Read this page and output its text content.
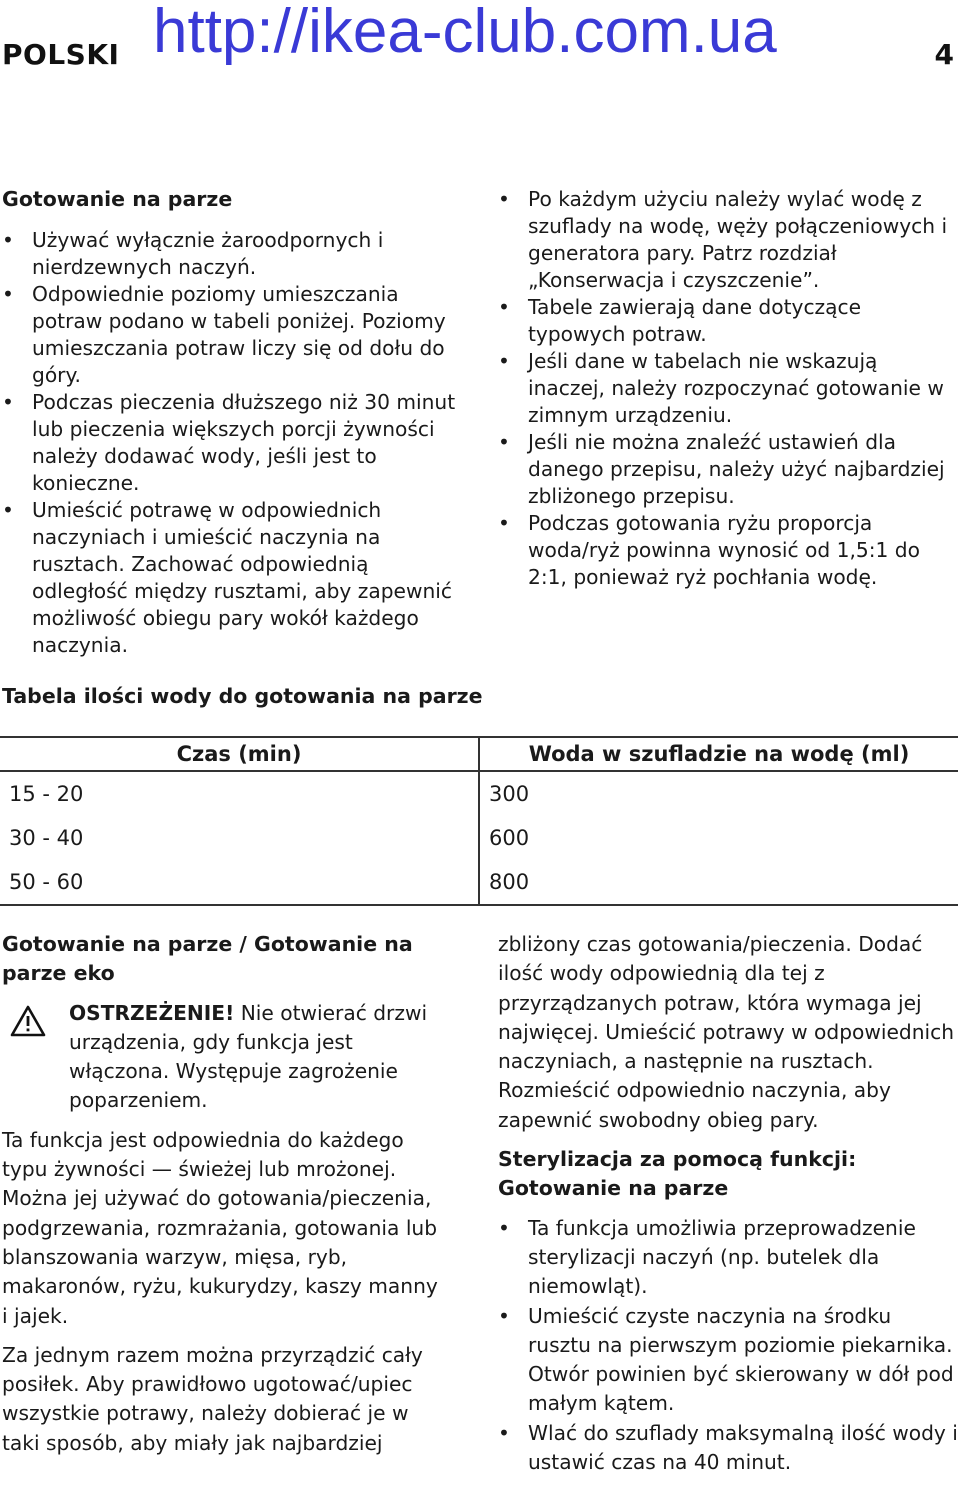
POLSKI http://ikea-club.com.ua	4
Gotowanie na parze
• Używać wyłącznie żaroodpornych i nierdzewnych naczyń.
• Odpowiednie poziomy umieszczania potraw podano w tabeli poniżej. Poziomy umieszczania potraw liczy się od dołu do góry.
• Podczas pieczenia dłuższego niż 30 minut lub pieczenia większych porcji żywności należy dodawać wody, jeśli jest to konieczne.
• Umieścić potrawę w odpowiednich naczyniach i umieścić naczynia na rusztach. Zachować odpowiednią odległość między rusztami, aby zapewnić możliwość obiegu pary wokół każdego naczynia.
• Po każdym użyciu należy wylać wodę z szuflady na wodę, węży połączeniowych i generatora pary. Patrz rozdział „Konserwacja i czyszczenie”.
• Tabele zawierają dane dotyczące typowych potraw.
• Jeśli dane w tabelach nie wskazują inaczej, należy rozpoczynać gotowanie w zimnym urządzeniu.
• Jeśli nie można znaleźć ustawień dla danego przepisu, należy użyć najbardziej zbliżonego przepisu.
• Podczas gotowania ryżu proporcja woda/ryż powinna wynosić od 1,5:1 do 2:1, ponieważ ryż pochłania wodę.
Tabela ilości wody do gotowania na parze
Czas (min)	Woda w szufladzie na wodę (ml)
15 - 20	300
30 - 40	600
50 - 60	800
Gotowanie na parze / Gotowanie na parze eko

OSTRZEŻENIE! Nie otwierać drzwi urządzenia, gdy funkcja jest włączona. Występuje zagrożenie poparzeniem.

Ta funkcja jest odpowiednia do każdego typu żywności — świeżej lub mrożonej. Można jej używać do gotowania/pieczenia, podgrzewania, rozmrażania, gotowania lub blanszowania warzyw, mięsa, ryb, makaronów, ryżu, kukurydzy, kaszy manny i jajek.

Za jednym razem można przyrządzić cały posiłek. Aby prawidłowo ugotować/upiec wszystkie potrawy, należy dobierać je w taki sposób, aby miały jak najbardziej

zbliżony czas gotowania/pieczenia. Dodać ilość wody odpowiednią dla tej z przyrządzanych potraw, która wymaga jej najwięcej. Umieścić potrawy w odpowiednich naczyniach, a następnie na rusztach. Rozmieścić odpowiednio naczynia, aby zapewnić swobodny obieg pary.

Sterylizacja za pomocą funkcji: Gotowanie na parze
• Ta funkcja umożliwia przeprowadzenie sterylizacji naczyń (np. butelek dla niemowląt).
• Umieścić czyste naczynia na środku rusztu na pierwszym poziomie piekarnika. Otwór powinien być skierowany w dół pod małym kątem.
• Wlać do szuflady maksymalną ilość wody i ustawić czas na 40 minut.
